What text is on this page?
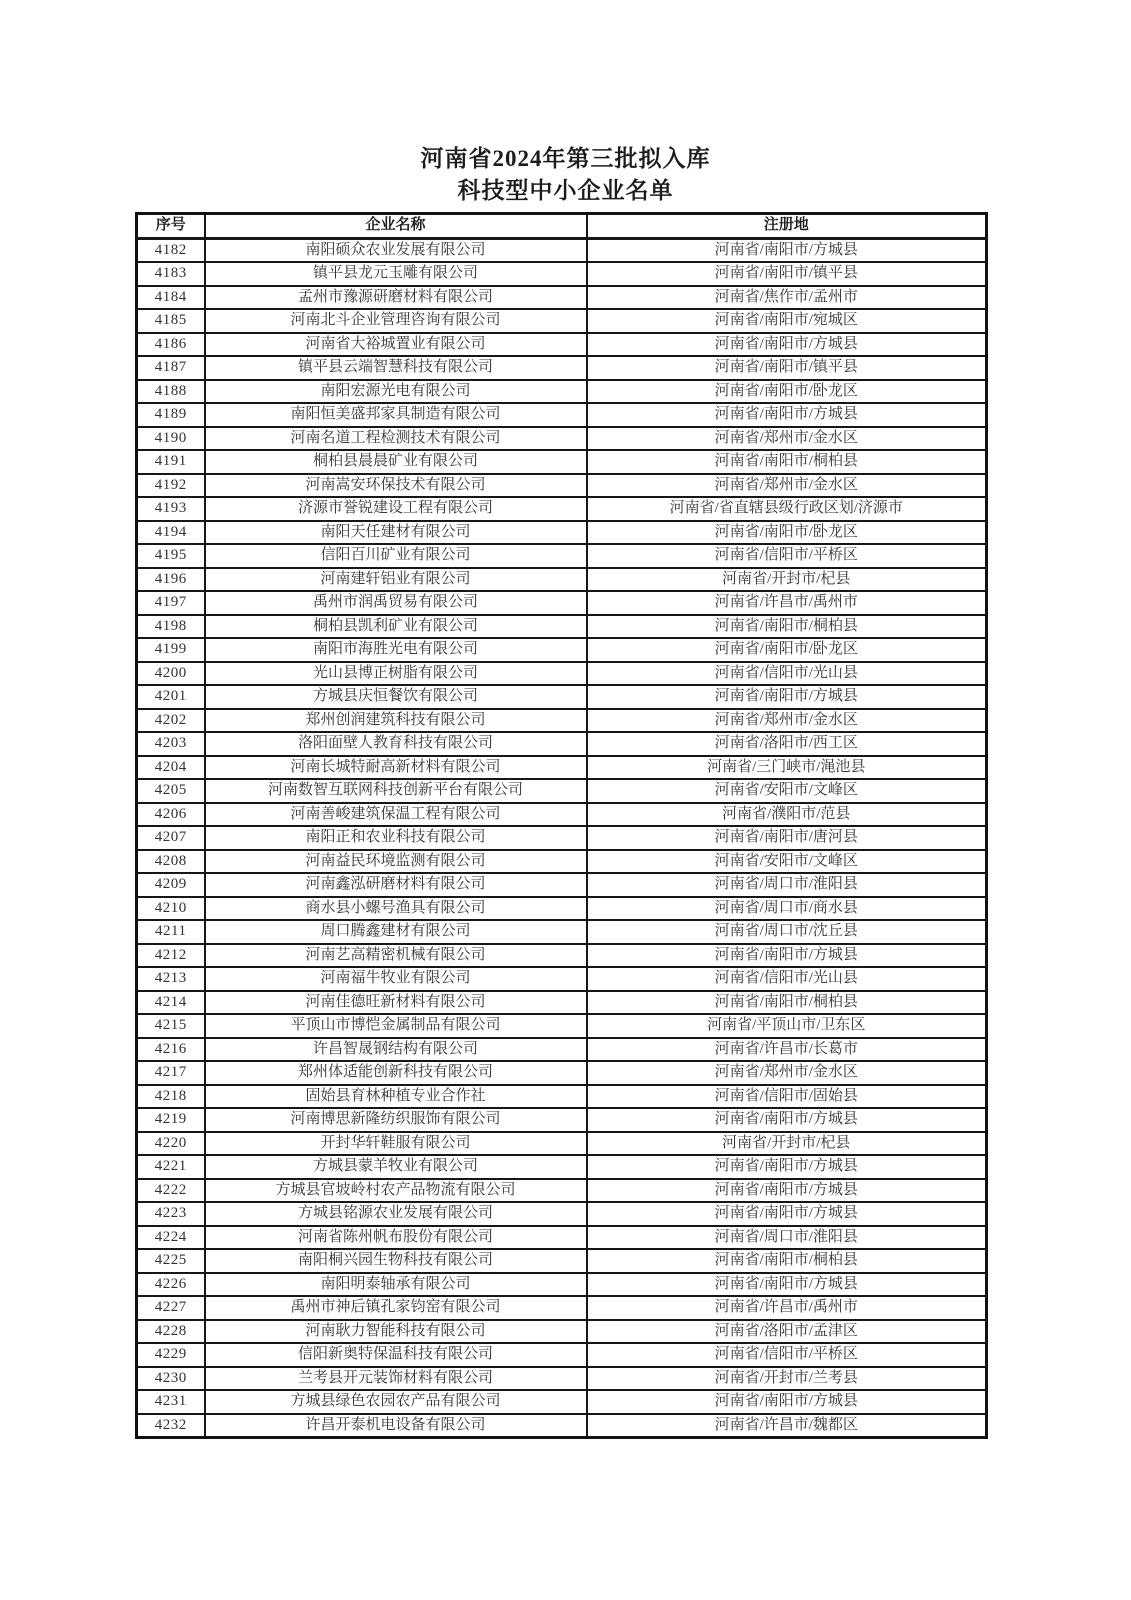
河南省2024年第三批拟入库
科技型中小企业名单
序号	企业名称	注册地
4182	南阳硕众农业发展有限公司	河南省/南阳市/方城县
4183	镇平县龙元玉雕有限公司	河南省/南阳市/镇平县
4184	孟州市豫源研磨材料有限公司	河南省/焦作市/孟州市
4185	河南北斗企业管理咨询有限公司	河南省/南阳市/宛城区
4186	河南省大裕城置业有限公司	河南省/南阳市/方城县
4187	镇平县云端智慧科技有限公司	河南省/南阳市/镇平县
4188	南阳宏源光电有限公司	河南省/南阳市/卧龙区
4189	南阳恒美盛邦家具制造有限公司	河南省/南阳市/方城县
4190	河南名道工程检测技术有限公司	河南省/郑州市/金水区
4191	桐柏县晨晨矿业有限公司	河南省/南阳市/桐柏县
4192	河南嵩安环保技术有限公司	河南省/郑州市/金水区
4193	济源市誉锐建设工程有限公司	河南省/省直辖县级行政区划/济源市
4194	南阳天任建材有限公司	河南省/南阳市/卧龙区
4195	信阳百川矿业有限公司	河南省/信阳市/平桥区
4196	河南建轩铝业有限公司	河南省/开封市/杞县
4197	禹州市润禹贸易有限公司	河南省/许昌市/禹州市
4198	桐柏县凯利矿业有限公司	河南省/南阳市/桐柏县
4199	南阳市海胜光电有限公司	河南省/南阳市/卧龙区
4200	光山县博正树脂有限公司	河南省/信阳市/光山县
4201	方城县庆恒餐饮有限公司	河南省/南阳市/方城县
4202	郑州创润建筑科技有限公司	河南省/郑州市/金水区
4203	洛阳面壁人教育科技有限公司	河南省/洛阳市/西工区
4204	河南长城特耐高新材料有限公司	河南省/三门峡市/渑池县
4205	河南数智互联网科技创新平台有限公司	河南省/安阳市/文峰区
4206	河南善峻建筑保温工程有限公司	河南省/濮阳市/范县
4207	南阳正和农业科技有限公司	河南省/南阳市/唐河县
4208	河南益民环境监测有限公司	河南省/安阳市/文峰区
4209	河南鑫泓研磨材料有限公司	河南省/周口市/淮阳县
4210	商水县小螺号渔具有限公司	河南省/周口市/商水县
4211	周口腾鑫建材有限公司	河南省/周口市/沈丘县
4212	河南艺高精密机械有限公司	河南省/南阳市/方城县
4213	河南福牛牧业有限公司	河南省/信阳市/光山县
4214	河南佳德旺新材料有限公司	河南省/南阳市/桐柏县
4215	平顶山市博恺金属制品有限公司	河南省/平顶山市/卫东区
4216	许昌智晟钢结构有限公司	河南省/许昌市/长葛市
4217	郑州体适能创新科技有限公司	河南省/郑州市/金水区
4218	固始县育林种植专业合作社	河南省/信阳市/固始县
4219	河南博思新隆纺织服饰有限公司	河南省/南阳市/方城县
4220	开封华轩鞋服有限公司	河南省/开封市/杞县
4221	方城县蒙羊牧业有限公司	河南省/南阳市/方城县
4222	方城县官坡岭村农产品物流有限公司	河南省/南阳市/方城县
4223	方城县铭源农业发展有限公司	河南省/南阳市/方城县
4224	河南省陈州帆布股份有限公司	河南省/周口市/淮阳县
4225	南阳桐兴园生物科技有限公司	河南省/南阳市/桐柏县
4226	南阳明泰轴承有限公司	河南省/南阳市/方城县
4227	禹州市神后镇孔家钧窑有限公司	河南省/许昌市/禹州市
4228	河南耿力智能科技有限公司	河南省/洛阳市/孟津区
4229	信阳新奥特保温科技有限公司	河南省/信阳市/平桥区
4230	兰考县开元装饰材料有限公司	河南省/开封市/兰考县
4231	方城县绿色农园农产品有限公司	河南省/南阳市/方城县
4232	许昌开泰机电设备有限公司	河南省/许昌市/魏都区
